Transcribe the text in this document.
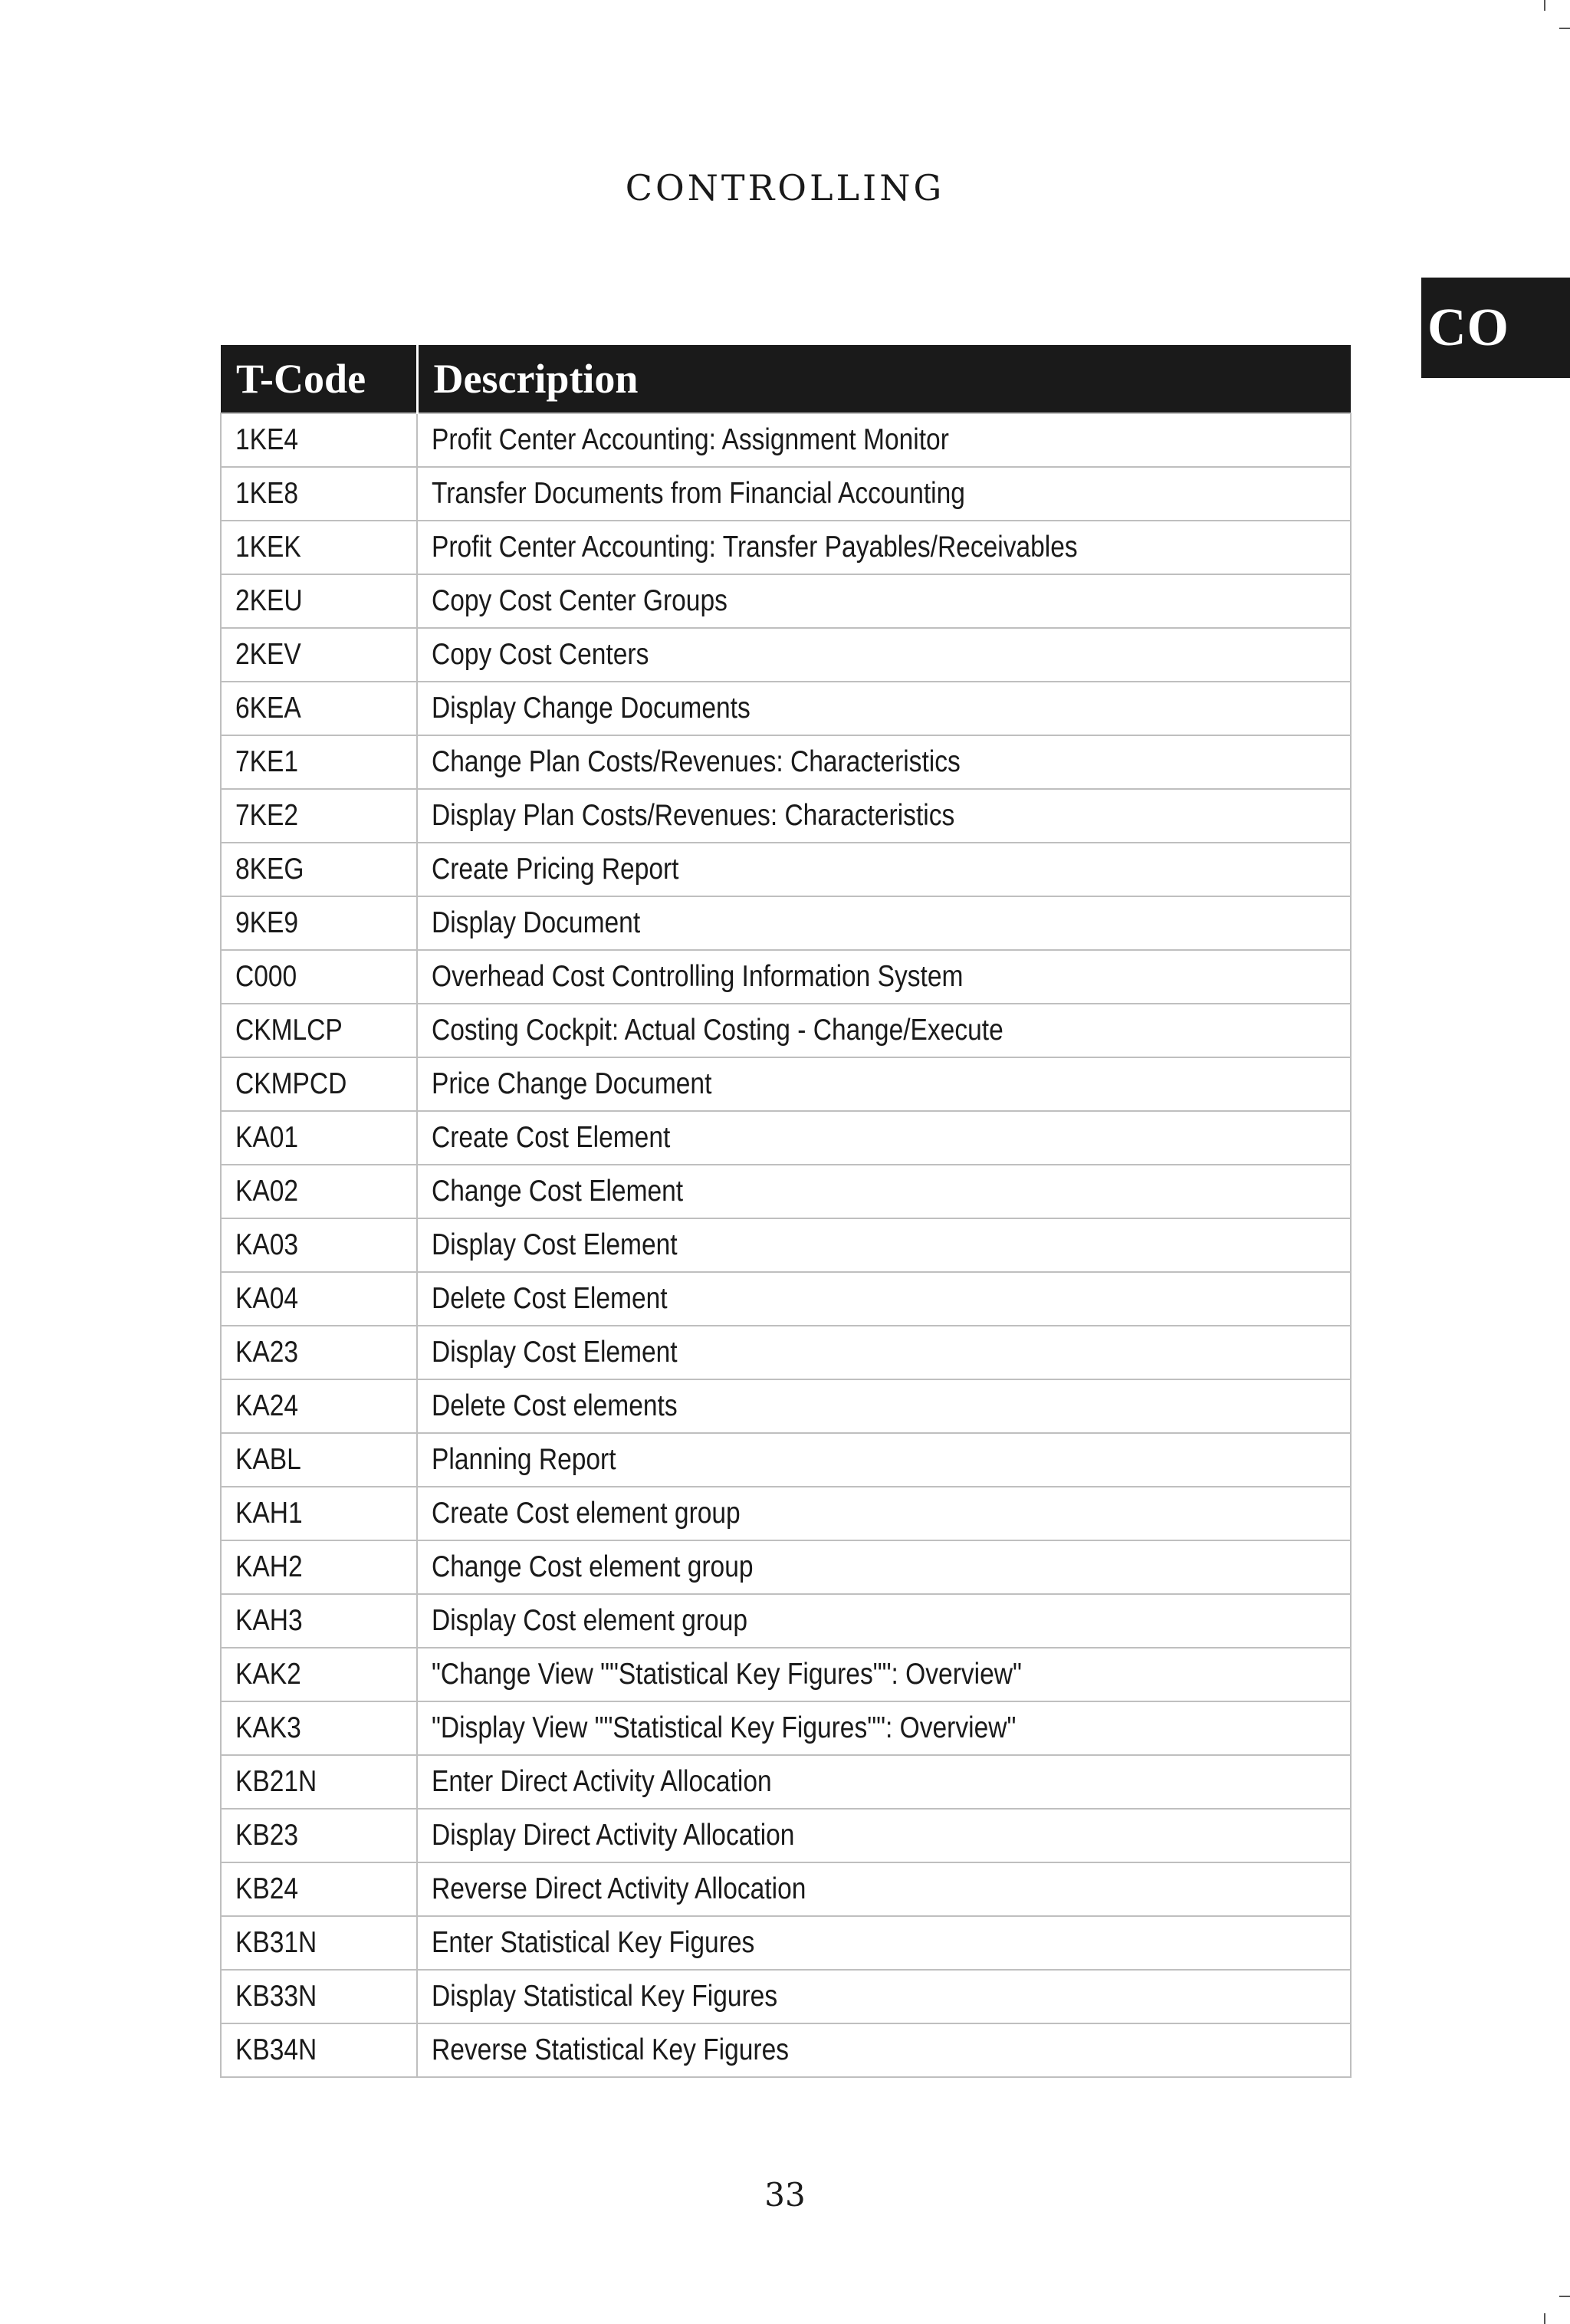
CONTROLLING
CO
T-Code	Description
1KE4	Profit Center Accounting: Assignment Monitor
1KE8	Transfer Documents from Financial Accounting
1KEK	Profit Center Accounting: Transfer Payables/Receivables
2KEU	Copy Cost Center Groups
2KEV	Copy Cost Centers
6KEA	Display Change Documents
7KE1	Change Plan Costs/Revenues: Characteristics
7KE2	Display Plan Costs/Revenues: Characteristics
8KEG	Create Pricing Report
9KE9	Display Document
C000	Overhead Cost Controlling Information System
CKMLCP	Costing Cockpit: Actual Costing - Change/Execute
CKMPCD	Price Change Document
KA01	Create Cost Element
KA02	Change Cost Element
KA03	Display Cost Element
KA04	Delete Cost Element
KA23	Display Cost Element
KA24	Delete Cost elements
KABL	Planning Report
KAH1	Create Cost element group
KAH2	Change Cost element group
KAH3	Display Cost element group
KAK2	"Change View ""Statistical Key Figures"": Overview"
KAK3	"Display View ""Statistical Key Figures"": Overview"
KB21N	Enter Direct Activity Allocation
KB23	Display Direct Activity Allocation
KB24	Reverse Direct Activity Allocation
KB31N	Enter Statistical Key Figures
KB33N	Display Statistical Key Figures
KB34N	Reverse Statistical Key Figures
33
